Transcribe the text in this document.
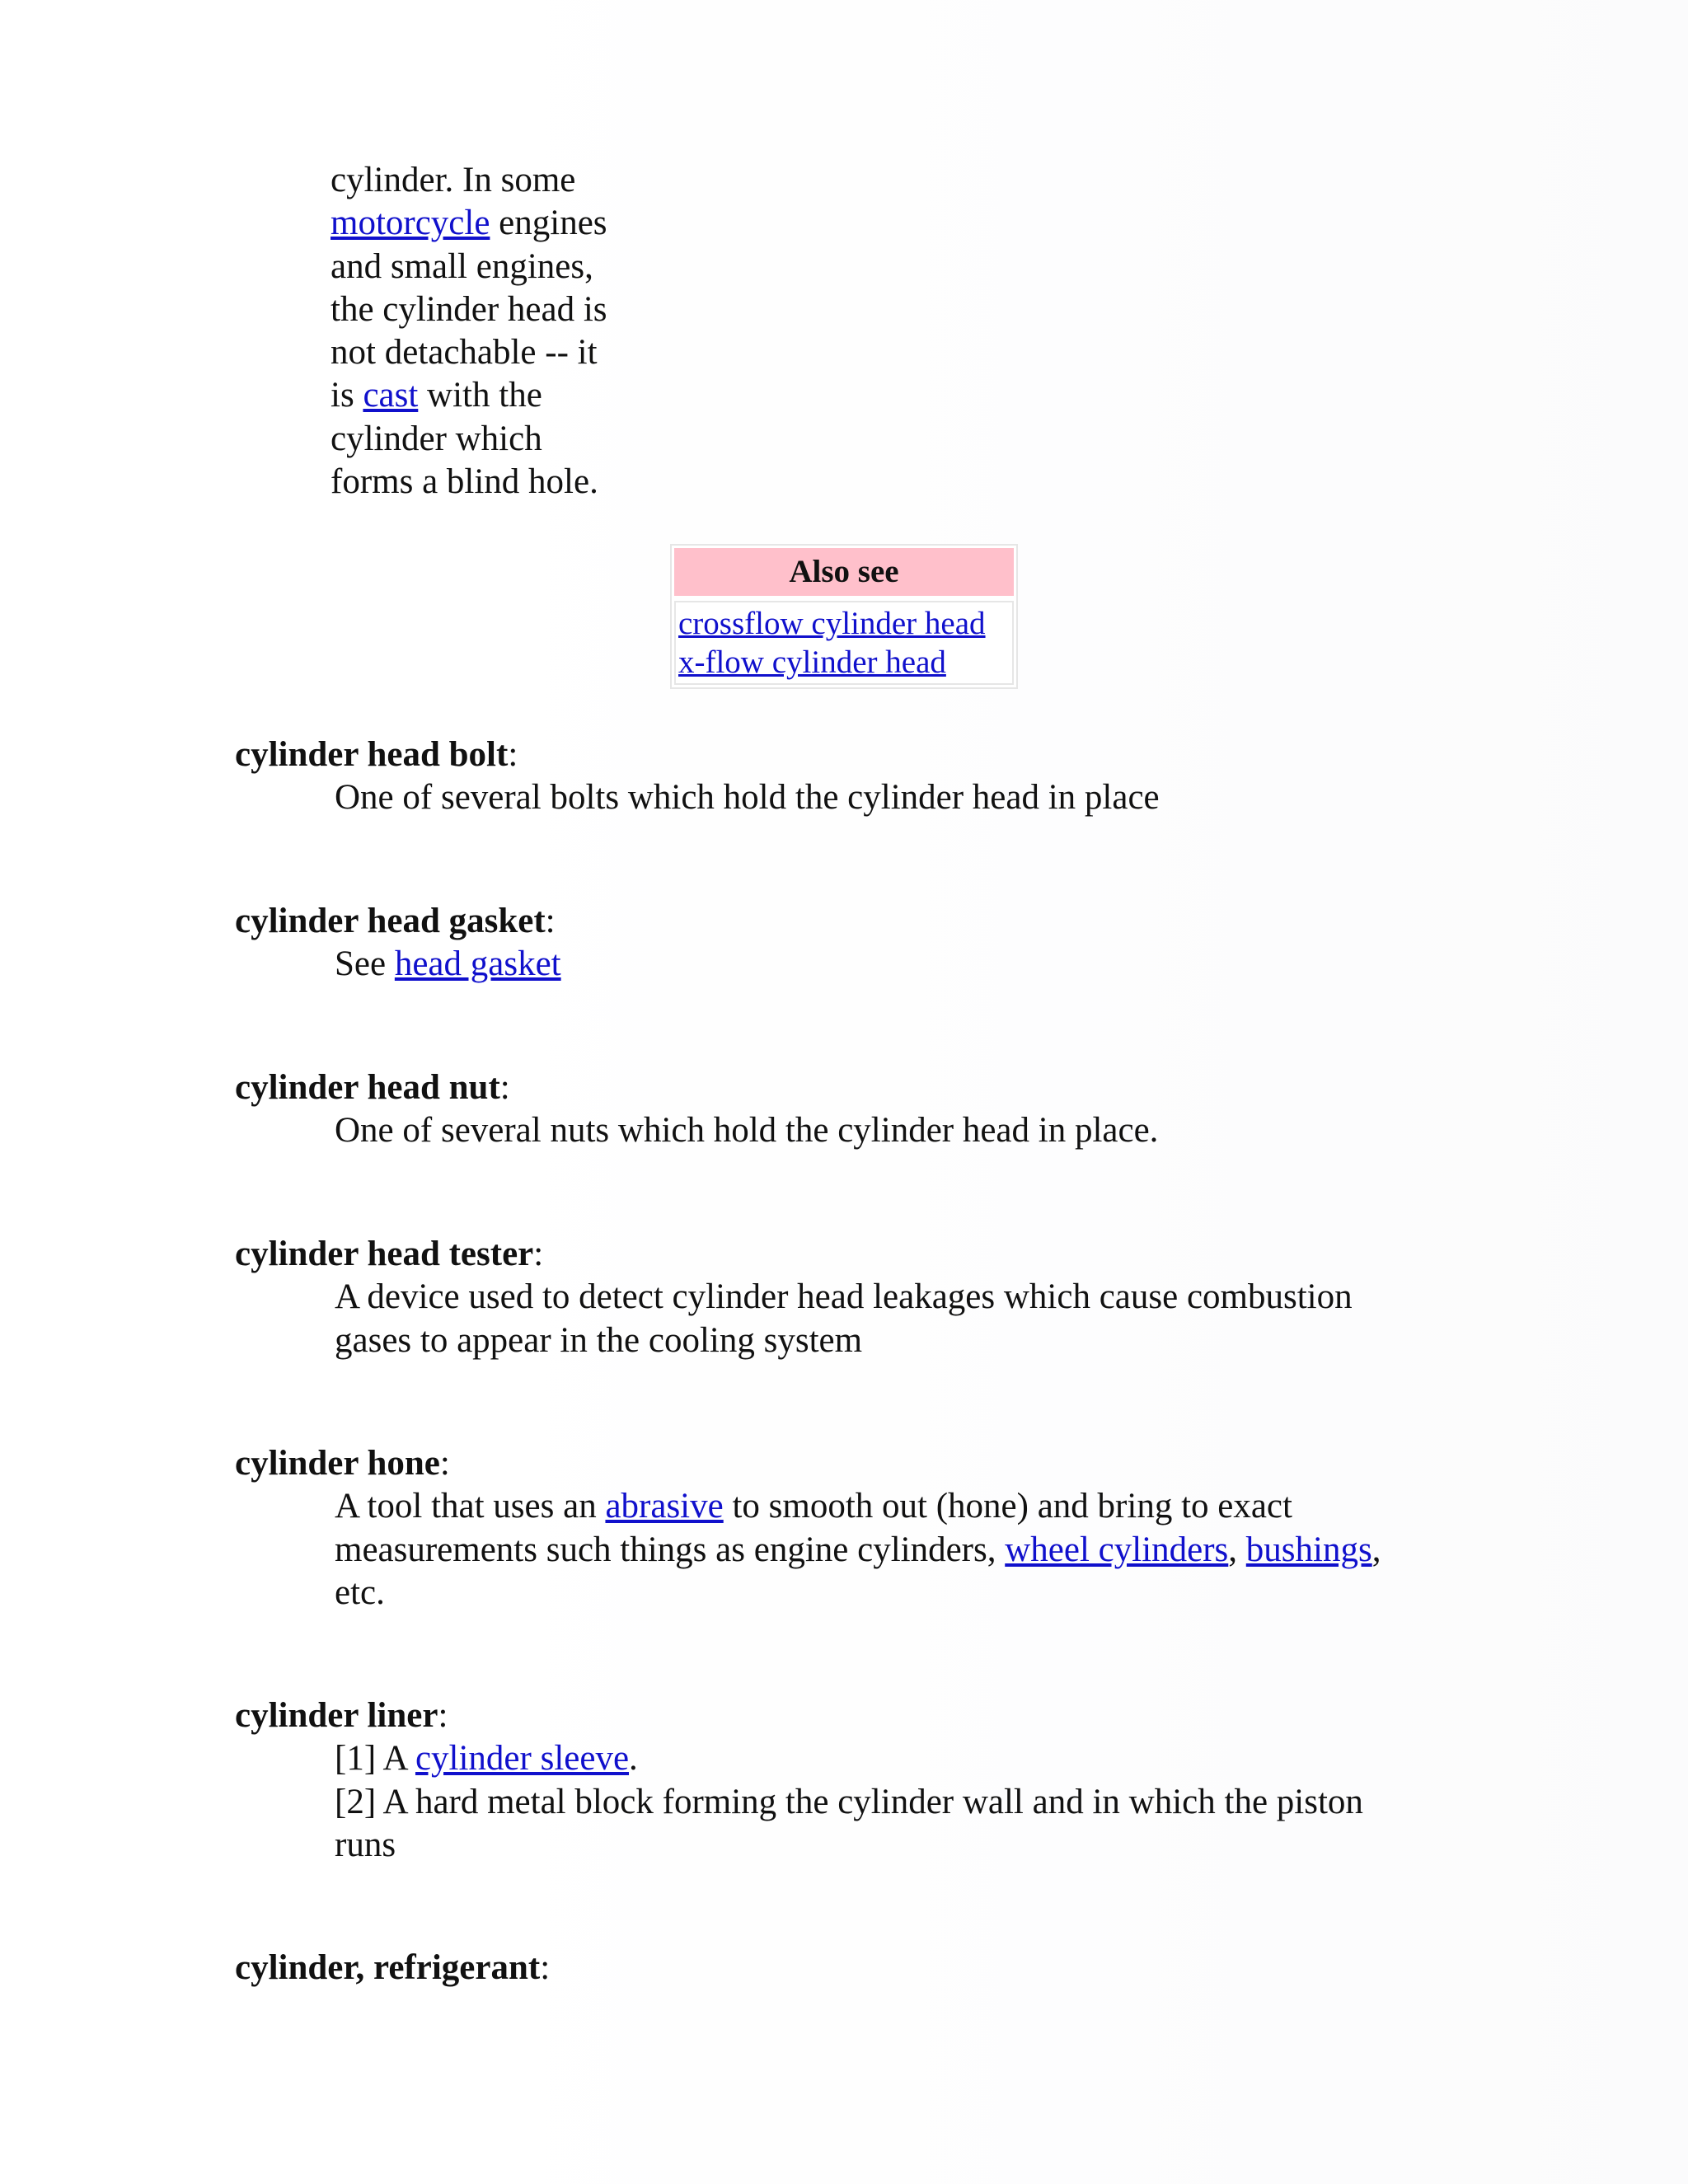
cylinder. In some
motorcycle engines
and small engines,
the cylinder head is
not detachable -- it
is cast with the
cylinder which
forms a blind hole.
Also see
crossflow cylinder head
x-flow cylinder head
cylinder head bolt:
One of several bolts which hold the cylinder head in place
cylinder head gasket:
See head gasket
cylinder head nut:
One of several nuts which hold the cylinder head in place.
cylinder head tester:
A device used to detect cylinder head leakages which cause combustion
gases to appear in the cooling system
cylinder hone:
A tool that uses an abrasive to smooth out (hone) and bring to exact
measurements such things as engine cylinders, wheel cylinders, bushings,
etc.
cylinder liner:
[1] A cylinder sleeve.
[2] A hard metal block forming the cylinder wall and in which the piston
runs
cylinder, refrigerant:
